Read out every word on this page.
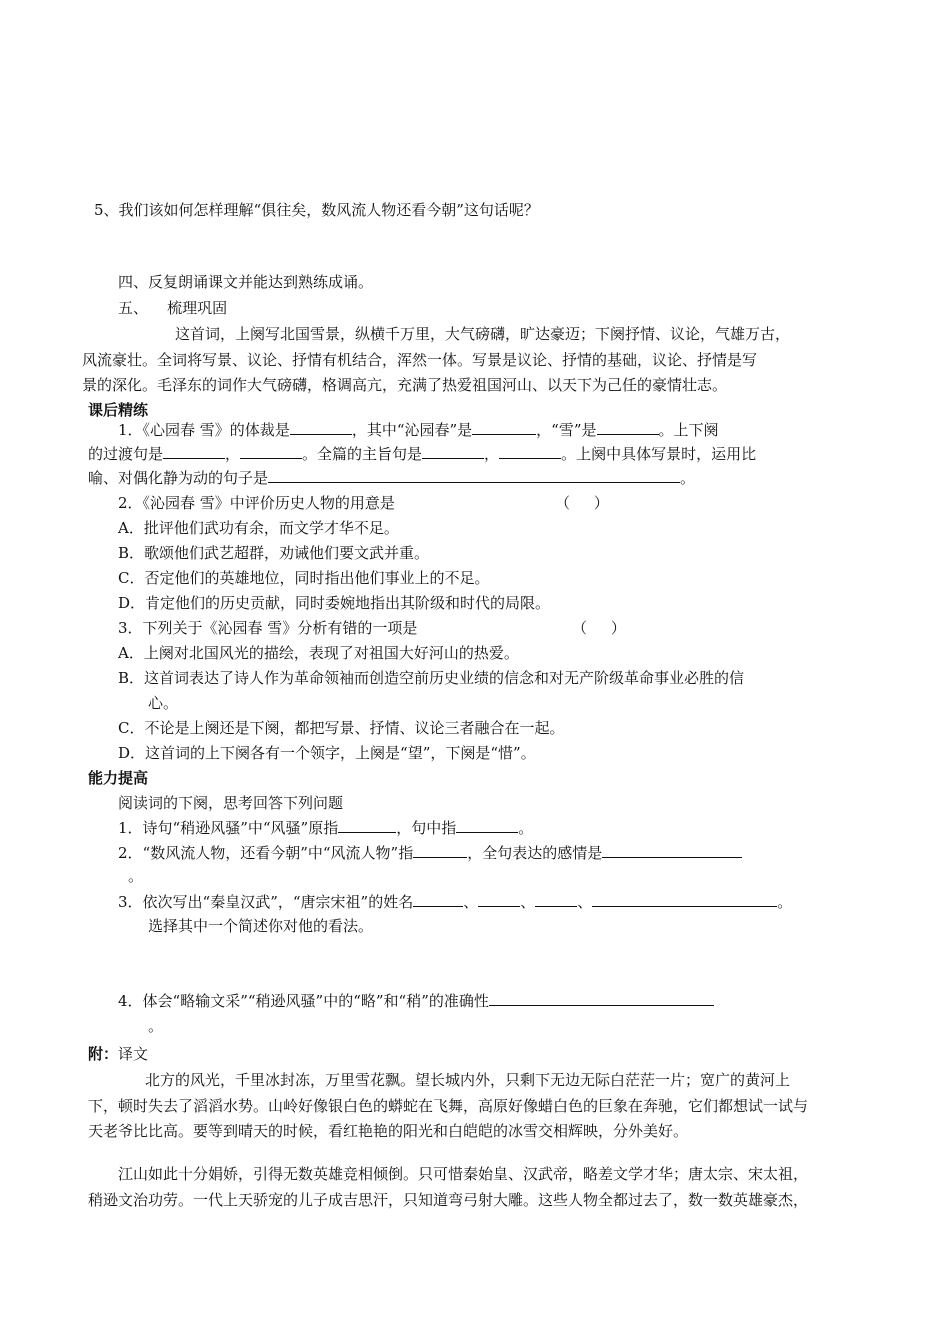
5、我们该如何怎样理解“俱往矣，数风流人物还看今朝”这句话呢？
四、反复朗诵课文并能达到熟练成诵。
五、    梳理巩固
这首词，上阕写北国雪景，纵横千万里，大气磅礴，旷达豪迈；下阕抒情、议论，气雄万古，
风流豪壮。全词将写景、议论、抒情有机结合，浑然一体。写景是议论、抒情的基础，议论、抒情是写
景的深化。毛泽东的词作大气磅礴，格调高亢，充满了热爱祖国河山、以天下为己任的豪情壮志。
课后精练
1．《心园春 雪》的体裁是	，其中“沁园春”是	，“雪”是	。上下阕
的过渡句是	，	。全篇的主旨句是	，	。上阕中具体写景时，运用比
喻、对偶化静为动的句子是	。
2．《沁园春 雪》中评价历史人物的用意是	（     ）
A．批评他们武功有余，而文学才华不足。
B．歌颂他们武艺超群，劝诫他们要文武并重。
C．否定他们的英雄地位，同时指出他们事业上的不足。
D．肯定他们的历史贡献，同时委婉地指出其阶级和时代的局限。
3．下列关于《沁园春 雪》分析有错的一项是	（     ）
A．上阕对北国风光的描绘，表现了对祖国大好河山的热爱。
B．这首词表达了诗人作为革命领袖而创造空前历史业绩的信念和对无产阶级革命事业必胜的信
心。
C．不论是上阕还是下阕，都把写景、抒情、议论三者融合在一起。
D．这首词的上下阕各有一个领字，上阕是“望”，下阕是“惜”。
能力提高
阅读词的下阕，思考回答下列问题
1．诗句“稍逊风骚”中“风骚”原指	，句中指	。
2．“数风流人物，还看今朝”中“风流人物”指	，全句表达的感情是
。
3．依次写出“秦皇汉武”，“唐宗宋祖”的姓名	、	、	、	。
选择其中一个简述你对他的看法。
4．体会“略输文采”“稍逊风骚”中的“略”和“稍”的准确性
。
附：译文
北方的风光，千里冰封冻，万里雪花飘。望长城内外，只剩下无边无际白茫茫一片；宽广的黄河上
下，顿时失去了滔滔水势。山岭好像银白色的蟒蛇在飞舞，高原好像蜡白色的巨象在奔驰，它们都想试一试与
天老爷比比高。要等到晴天的时候，看红艳艳的阳光和白皑皑的冰雪交相辉映，分外美好。
江山如此十分娟娇，引得无数英雄竞相倾倒。只可惜秦始皇、汉武帝，略差文学才华；唐太宗、宋太祖，
稍逊文治功劳。一代上天骄宠的儿子成吉思汗，只知道弯弓射大雕。这些人物全都过去了，数一数英雄豪杰，
